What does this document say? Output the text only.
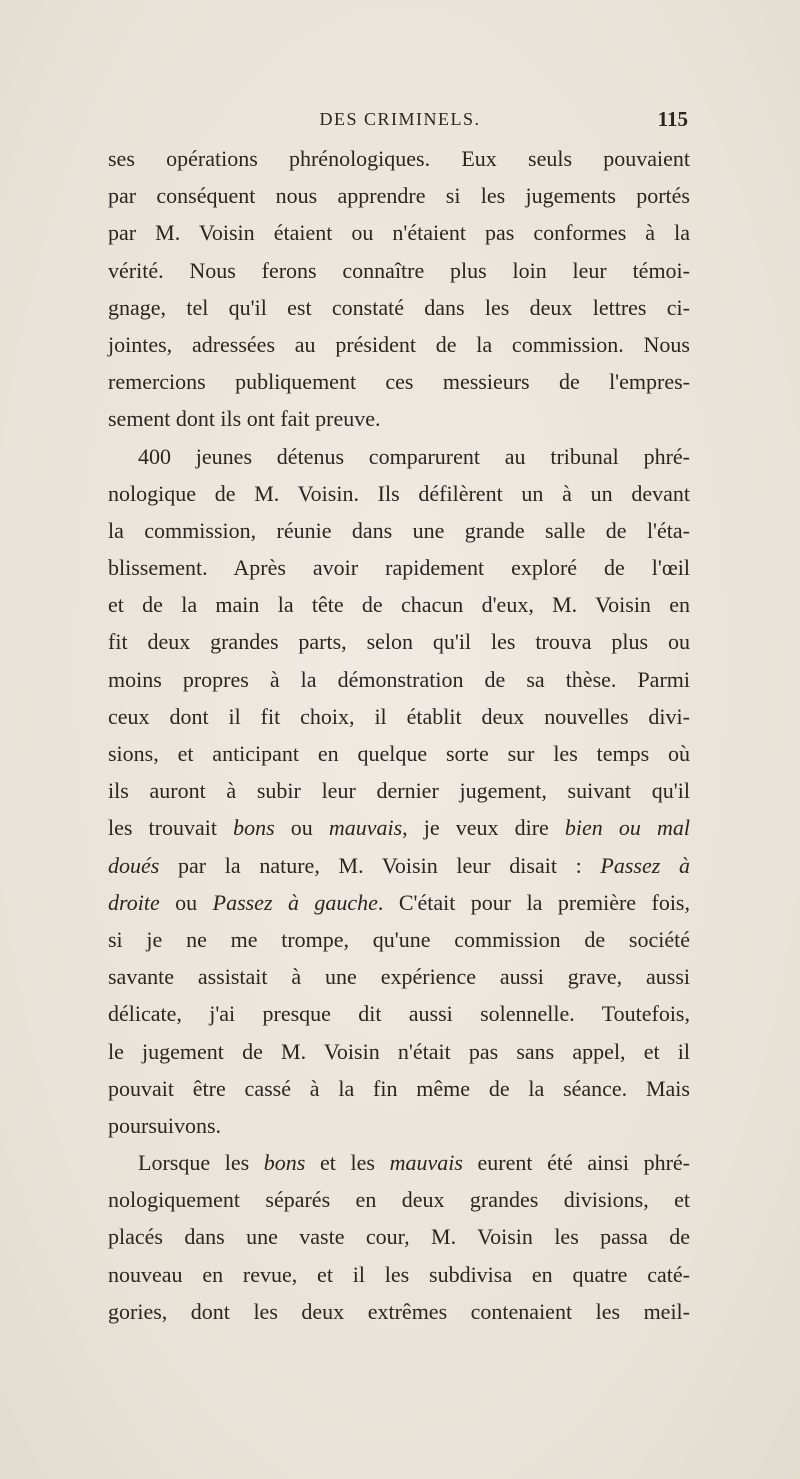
DES CRIMINELS.	115
ses opérations phrénologiques. Eux seuls pouvaient
par conséquent nous apprendre si les jugements portés
par M. Voisin étaient ou n'étaient pas conformes à la
vérité. Nous ferons connaître plus loin leur témoi-
gnage, tel qu'il est constaté dans les deux lettres ci-
jointes, adressées au président de la commission. Nous
remercions publiquement ces messieurs de l'empres-
sement dont ils ont fait preuve.
400 jeunes détenus comparurent au tribunal phré-
nologique de M. Voisin. Ils défilèrent un à un devant
la commission, réunie dans une grande salle de l'éta-
blissement. Après avoir rapidement exploré de l'œil
et de la main la tête de chacun d'eux, M. Voisin en
fit deux grandes parts, selon qu'il les trouva plus ou
moins propres à la démonstration de sa thèse. Parmi
ceux dont il fit choix, il établit deux nouvelles divi-
sions, et anticipant en quelque sorte sur les temps où
ils auront à subir leur dernier jugement, suivant qu'il
les trouvait bons ou mauvais, je veux dire bien ou mal
doués par la nature, M. Voisin leur disait : Passez à
droite ou Passez à gauche. C'était pour la première fois,
si je ne me trompe, qu'une commission de société
savante assistait à une expérience aussi grave, aussi
délicate, j'ai presque dit aussi solennelle. Toutefois,
le jugement de M. Voisin n'était pas sans appel, et il
pouvait être cassé à la fin même de la séance. Mais
poursuivons.
Lorsque les bons et les mauvais eurent été ainsi phré-
nologiquement séparés en deux grandes divisions, et
placés dans une vaste cour, M. Voisin les passa de
nouveau en revue, et il les subdivisa en quatre caté-
gories, dont les deux extrêmes contenaient les meil-
